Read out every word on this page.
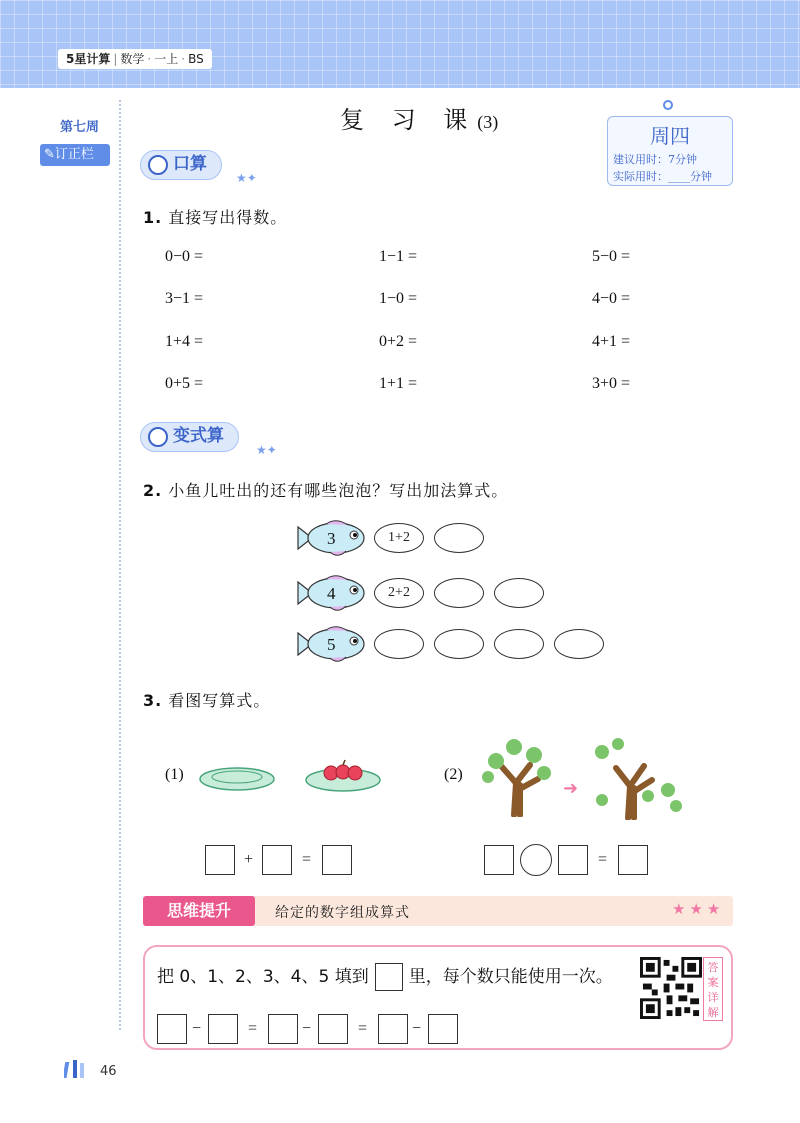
5星计算 | 数学 · 一上 · BS
第七周
✎订正栏
复 习 课(3)
周四
建议用时：7分钟
实际用时：____分钟
口算
★✦
1. 直接写出得数。
0−0 =	1−1 =	5−0 =
3−1 =	1−0 =	4−0 =
1+4 =	0+2 =	4+1 =
0+5 =	1+1 =	3+0 =
变式算
★✦
2. 小鱼儿吐出的还有哪些泡泡？写出加法算式。
3	1+2
4	2+2
5
3. 看图写算式。
(1)	(2)
➜
+	=	=
思维提升	给定的数字组成算式	★★★
把 0、1、2、3、4、5 填到 里，每个数只能使用一次。
−	=	−	=	−
答案详解
46
